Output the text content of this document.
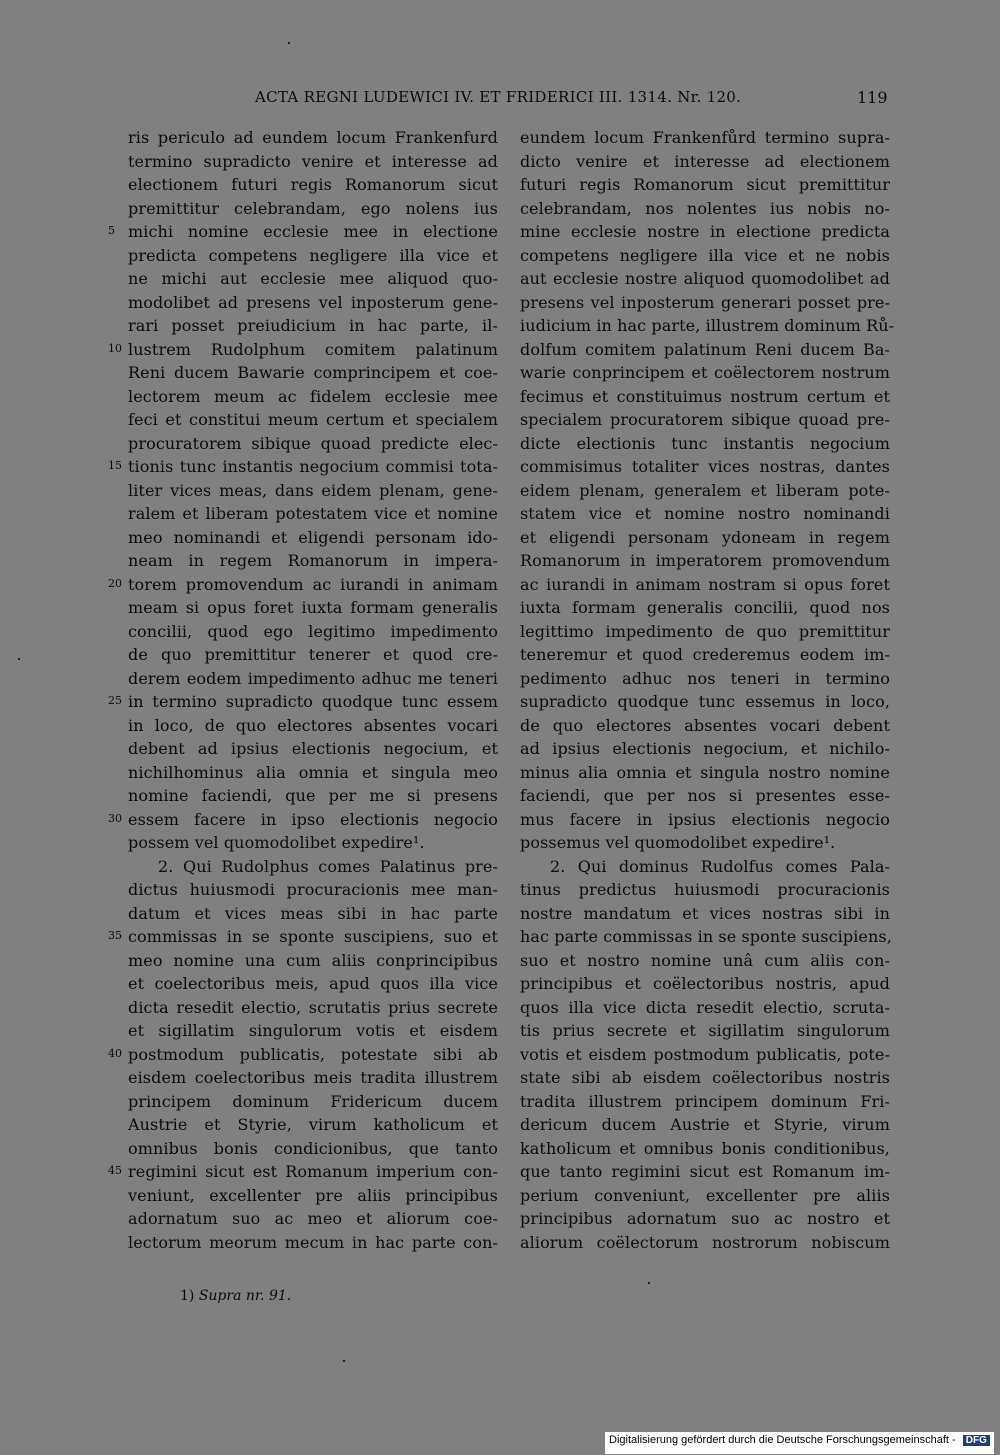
ACTA REGNI LUDEWICI IV. ET FRIDERICI III. 1314. Nr. 120.	119
ris periculo ad eundem locum Frankenfurd
termino supradicto venire et interesse ad
electionem futuri regis Romanorum sicut
premittitur celebrandam, ego nolens ius
michi nomine ecclesie mee in electione
predicta competens negligere illa vice et
ne michi aut ecclesie mee aliquod quo-
modolibet ad presens vel inposterum gene-
rari posset preiudicium in hac parte, il-
lustrem Rudolphum comitem palatinum
Reni ducem Bawarie comprincipem et coe-
lectorem meum ac fidelem ecclesie mee
feci et constitui meum certum et specialem
procuratorem sibique quoad predicte elec-
tionis tunc instantis negocium commisi tota-
liter vices meas, dans eidem plenam, gene-
ralem et liberam potestatem vice et nomine
meo nominandi et eligendi personam ido-
neam in regem Romanorum in impera-
torem promovendum ac iurandi in animam
meam si opus foret iuxta formam generalis
concilii, quod ego legitimo impedimento
de quo premittitur tenerer et quod cre-
derem eodem impedimento adhuc me teneri
in termino supradicto quodque tunc essem
in loco, de quo electores absentes vocari
debent ad ipsius electionis negocium, et
nichilhominus alia omnia et singula meo
nomine faciendi, que per me si presens
essem facere in ipso electionis negocio
possem vel quomodolibet expedire¹.
2. Qui Rudolphus comes Palatinus pre-
dictus huiusmodi procuracionis mee man-
datum et vices meas sibi in hac parte
commissas in se sponte suscipiens, suo et
meo nomine una cum aliis conprincipibus
et coelectoribus meis, apud quos illa vice
dicta resedit electio, scrutatis prius secrete
et sigillatim singulorum votis et eisdem
postmodum publicatis, potestate sibi ab
eisdem coelectoribus meis tradita illustrem
principem dominum Fridericum ducem
Austrie et Styrie, virum katholicum et
omnibus bonis condicionibus, que tanto
regimini sicut est Romanum imperium con-
veniunt, excellenter pre aliis principibus
adornatum suo ac meo et aliorum coe-
lectorum meorum mecum in hac parte con-
eundem locum Frankenfůrd termino supra-
dicto venire et interesse ad electionem
futuri regis Romanorum sicut premittitur
celebrandam, nos nolentes ius nobis no-
mine ecclesie nostre in electione predicta
competens negligere illa vice et ne nobis
aut ecclesie nostre aliquod quomodolibet ad
presens vel inposterum generari posset pre-
iudicium in hac parte, illustrem dominum Rů-
dolfum comitem palatinum Reni ducem Ba-
warie conprincipem et coëlectorem nostrum
fecimus et constituimus nostrum certum et
specialem procuratorem sibique quoad pre-
dicte electionis tunc instantis negocium
commisimus totaliter vices nostras, dantes
eidem plenam, generalem et liberam pote-
statem vice et nomine nostro nominandi
et eligendi personam ydoneam in regem
Romanorum in imperatorem promovendum
ac iurandi in animam nostram si opus foret
iuxta formam generalis concilii, quod nos
legittimo impedimento de quo premittitur
teneremur et quod crederemus eodem im-
pedimento adhuc nos teneri in termino
supradicto quodque tunc essemus in loco,
de quo electores absentes vocari debent
ad ipsius electionis negocium, et nichilo-
minus alia omnia et singula nostro nomine
faciendi, que per nos si presentes esse-
mus facere in ipsius electionis negocio
possemus vel quomodolibet expedire¹.
2. Qui dominus Rudolfus comes Pala-
tinus predictus huiusmodi procuracionis
nostre mandatum et vices nostras sibi in
hac parte commissas in se sponte suscipiens,
suo et nostro nomine unâ cum aliis con-
principibus et coëlectoribus nostris, apud
quos illa vice dicta resedit electio, scruta-
tis prius secrete et sigillatim singulorum
votis et eisdem postmodum publicatis, pote-
state sibi ab eisdem coëlectoribus nostris
tradita illustrem principem dominum Fri-
dericum ducem Austrie et Styrie, virum
katholicum et omnibus bonis conditionibus,
que tanto regimini sicut est Romanum im-
perium conveniunt, excellenter pre aliis
principibus adornatum suo ac nostro et
aliorum coëlectorum nostrorum nobiscum
5
10
15
20
25
30
35
40
45
1) Supra nr. 91.
Digitalisierung gefördert durch die Deutsche Forschungsgemeinschaft - DFG
